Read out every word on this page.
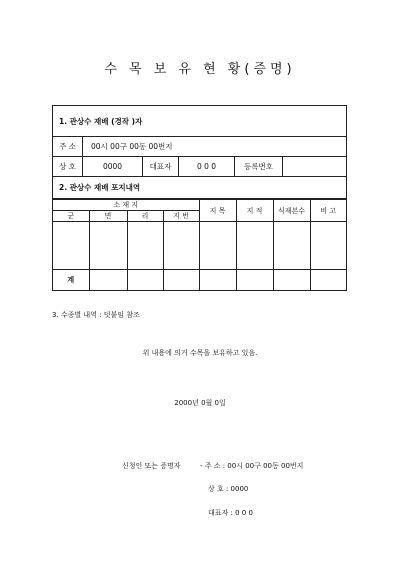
수 목 보 유 현 황(증명)
1. 관상수 재배 (경작 )자
주 소	00시 00구 00동 00번지
상 호	0000	대표자	0 0 0	등록번호
2. 관상수 재배 포지내역
소 재 지				지 목	지 적	식재본수	비 고
군	면	리	지 번				

계							
3. 수종별 내역 : 덧붙임 참조
위 내용에 의거 수목을 보유하고 있음.
2000년 0월 0일
신청인 또는 증명자	- 주 소 : 00시 00구 00동 00번지
상 호 : 0000
대표자 : 0 0 0
